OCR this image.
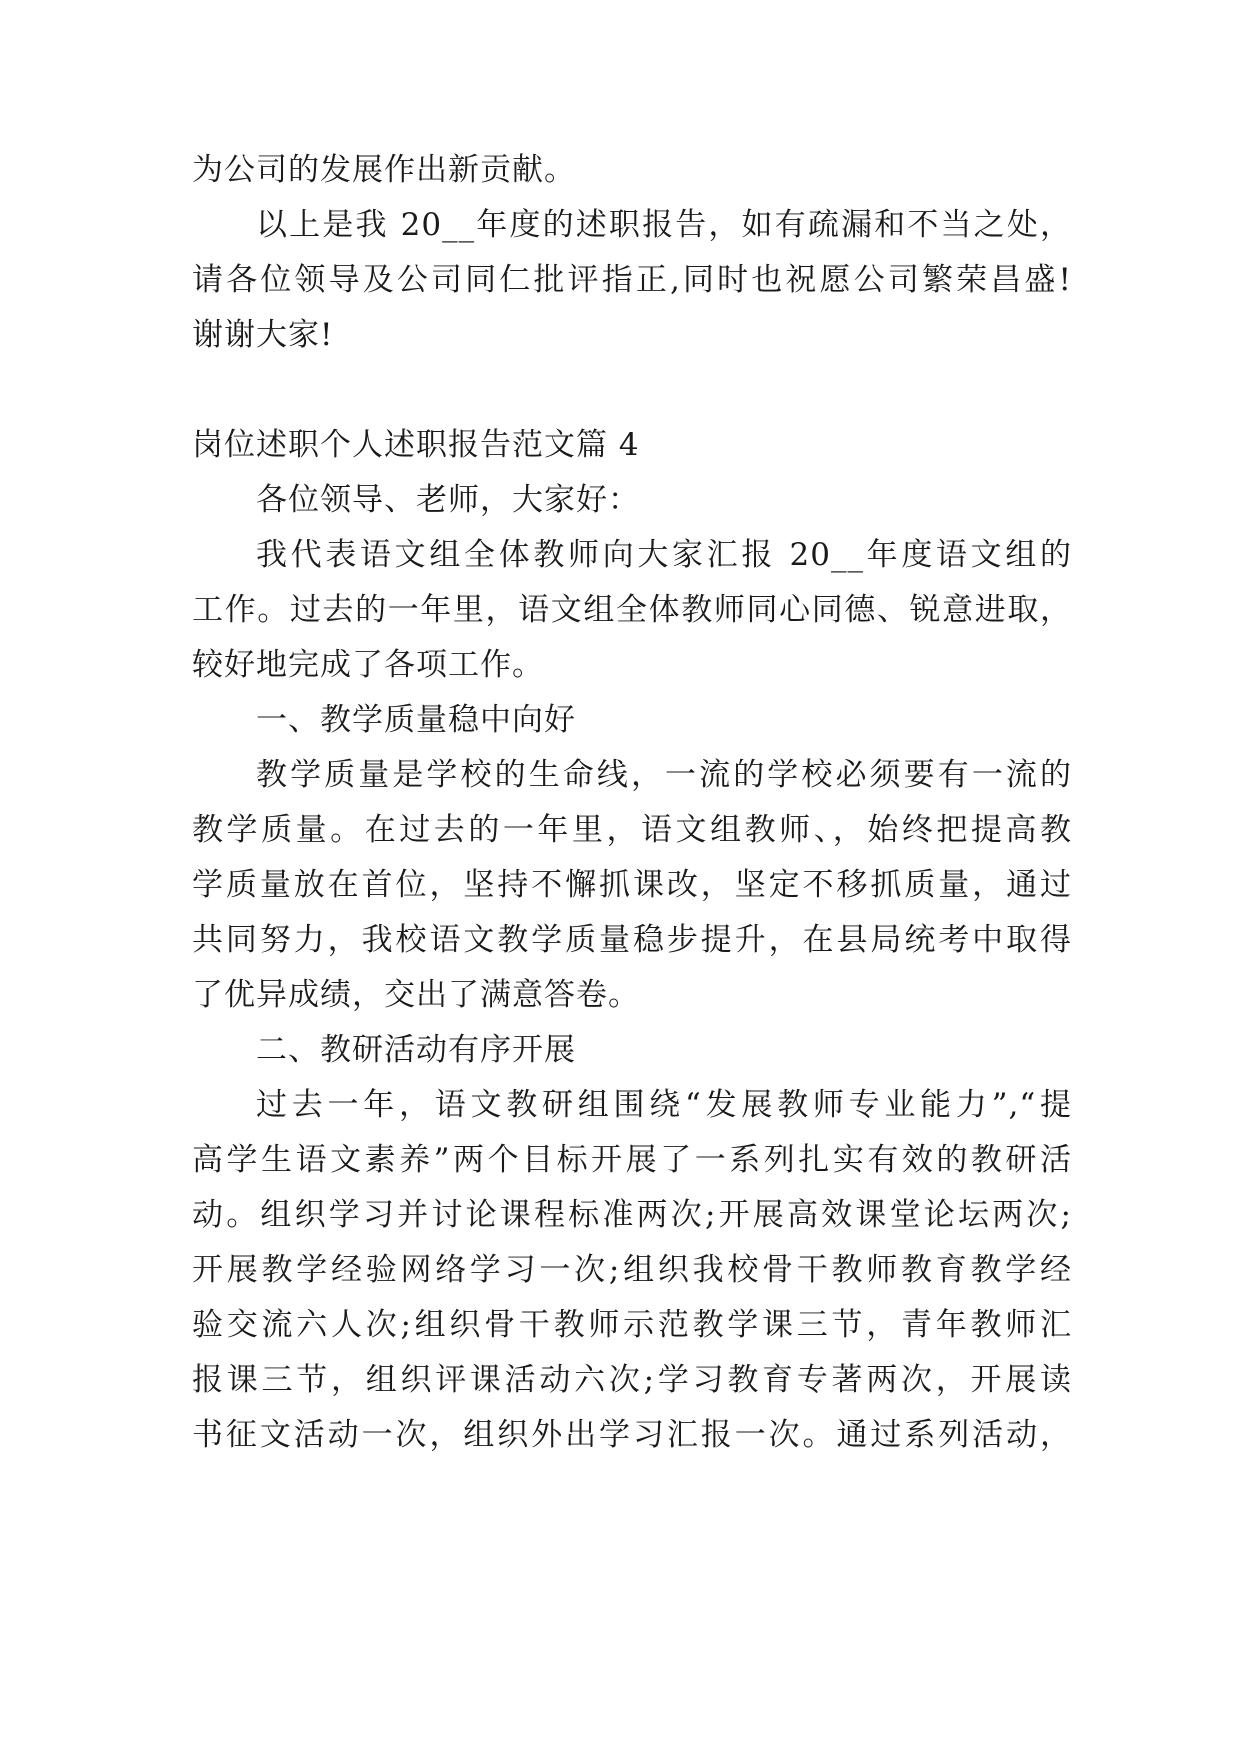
为公司的发展作出新贡献。
以上是我 20__年度的述职报告，如有疏漏和不当之处，
请各位领导及公司同仁批评指正,同时也祝愿公司繁荣昌盛!
谢谢大家!
岗位述职个人述职报告范文篇 4
各位领导、老师，大家好：
我代表语文组全体教师向大家汇报 20__年度语文组的
工作。过去的一年里，语文组全体教师同心同德、锐意进取，
较好地完成了各项工作。
一、教学质量稳中向好
教学质量是学校的生命线，一流的学校必须要有一流的
教学质量。在过去的一年里，语文组教师、，始终把提高教
学质量放在首位，坚持不懈抓课改，坚定不移抓质量，通过
共同努力，我校语文教学质量稳步提升，在县局统考中取得
了优异成绩，交出了满意答卷。
二、教研活动有序开展
过去一年，语文教研组围绕“发展教师专业能力”,“提
高学生语文素养”两个目标开展了一系列扎实有效的教研活
动。组织学习并讨论课程标准两次;开展高效课堂论坛两次;
开展教学经验网络学习一次;组织我校骨干教师教育教学经
验交流六人次;组织骨干教师示范教学课三节，青年教师汇
报课三节，组织评课活动六次;学习教育专著两次，开展读
书征文活动一次，组织外出学习汇报一次。通过系列活动，
